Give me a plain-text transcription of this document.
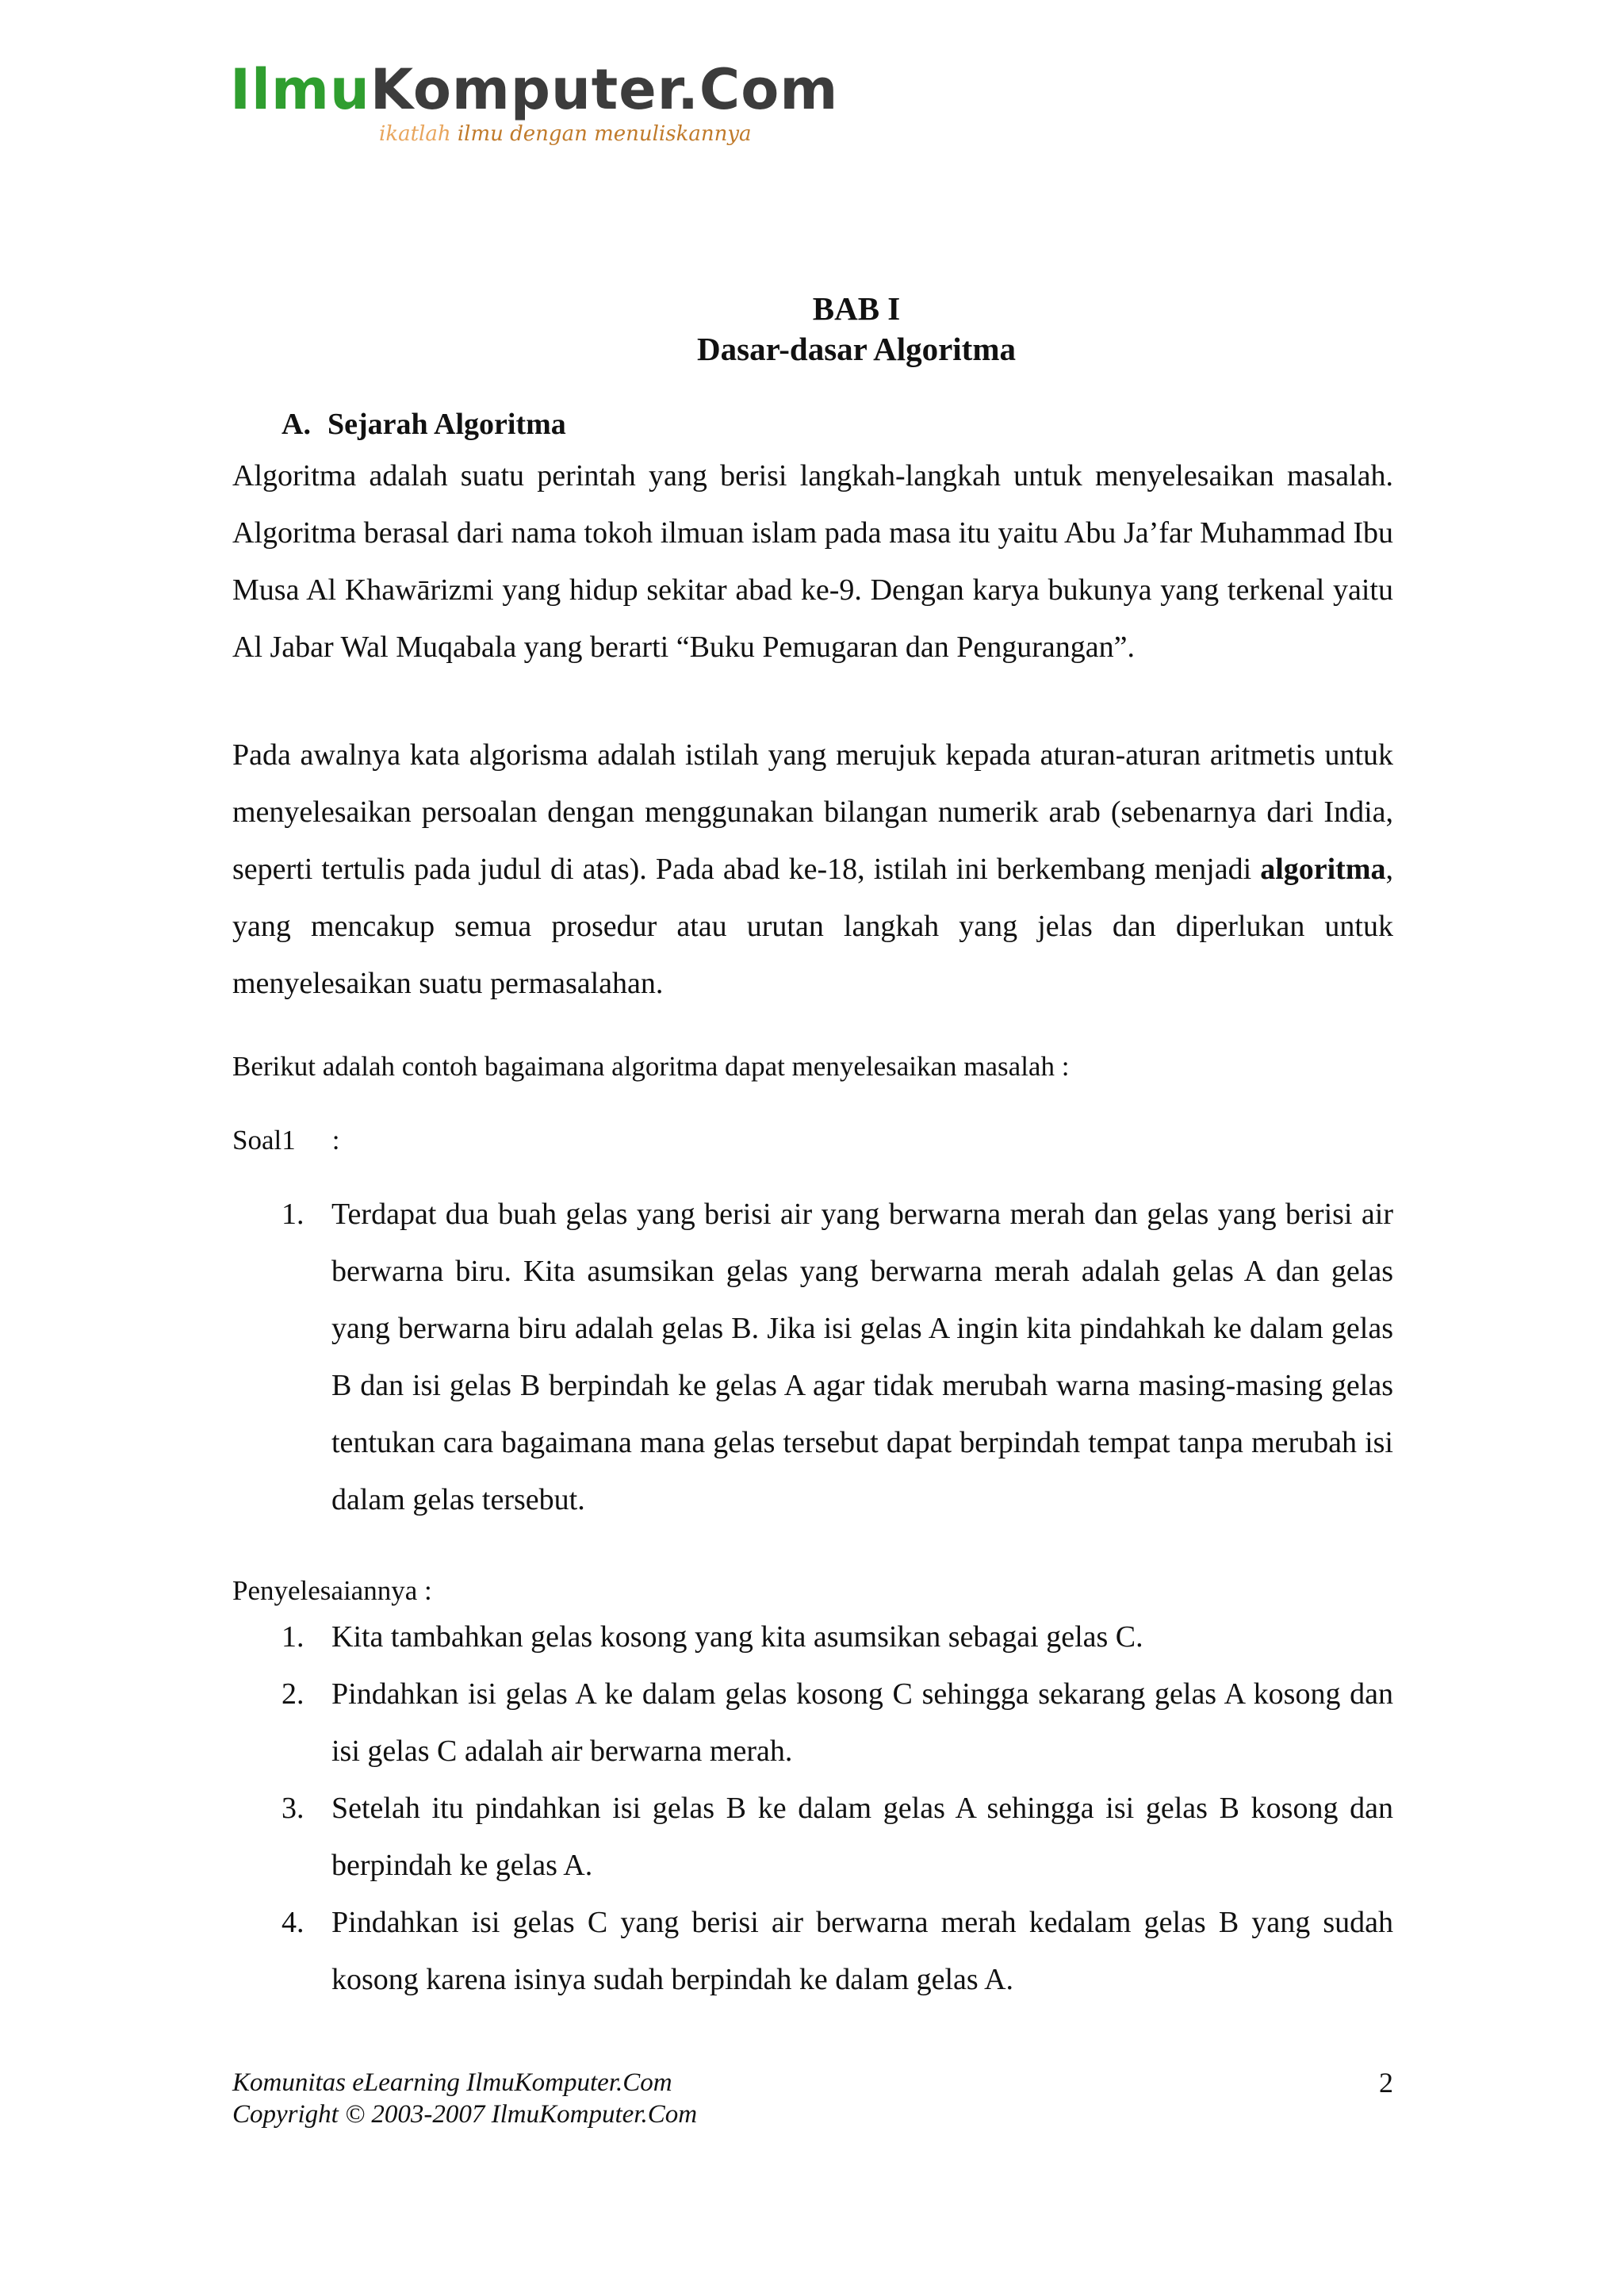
IlmuKomputer.Com
ikatlah ilmu dengan menuliskannya
BAB I
Dasar-dasar Algoritma
A. Sejarah Algoritma

Algoritma adalah suatu perintah yang berisi langkah-langkah untuk menyelesaikan masalah. Algoritma berasal dari nama tokoh ilmuan islam pada masa itu yaitu Abu Ja’far Muhammad Ibu Musa Al Khawārizmi yang hidup sekitar abad ke-9. Dengan karya bukunya yang terkenal yaitu Al Jabar Wal Muqabala yang berarti “Buku Pemugaran dan Pengurangan”.

Pada awalnya kata algorisma adalah istilah yang merujuk kepada aturan-aturan aritmetis untuk menyelesaikan persoalan dengan menggunakan bilangan numerik arab (sebenarnya dari India, seperti tertulis pada judul di atas). Pada abad ke-18, istilah ini berkembang menjadi algoritma, yang mencakup semua prosedur atau urutan langkah yang jelas dan diperlukan untuk menyelesaikan suatu permasalahan.

Berikut adalah contoh bagaimana algoritma dapat menyelesaikan masalah :

Soal1 :

1. Terdapat dua buah gelas yang berisi air yang berwarna merah dan gelas yang berisi air berwarna biru. Kita asumsikan gelas yang berwarna merah adalah gelas A dan gelas yang berwarna biru adalah gelas B. Jika isi gelas A ingin kita pindahkah ke dalam gelas B dan isi gelas B berpindah ke gelas A agar tidak merubah warna masing-masing gelas tentukan cara bagaimana mana gelas tersebut dapat berpindah tempat tanpa merubah isi dalam gelas tersebut.

Penyelesaiannya :

1. Kita tambahkan gelas kosong yang kita asumsikan sebagai gelas C.
2. Pindahkan isi gelas A ke dalam gelas kosong C sehingga sekarang gelas A kosong dan isi gelas C adalah air berwarna merah.
3. Setelah itu pindahkan isi gelas B ke dalam gelas A sehingga isi gelas B kosong dan berpindah ke gelas A.
4. Pindahkan isi gelas C yang berisi air berwarna merah kedalam gelas B yang sudah kosong karena isinya sudah berpindah ke dalam gelas A.
Komunitas eLearning IlmuKomputer.Com
Copyright © 2003-2007 IlmuKomputer.Com
2
